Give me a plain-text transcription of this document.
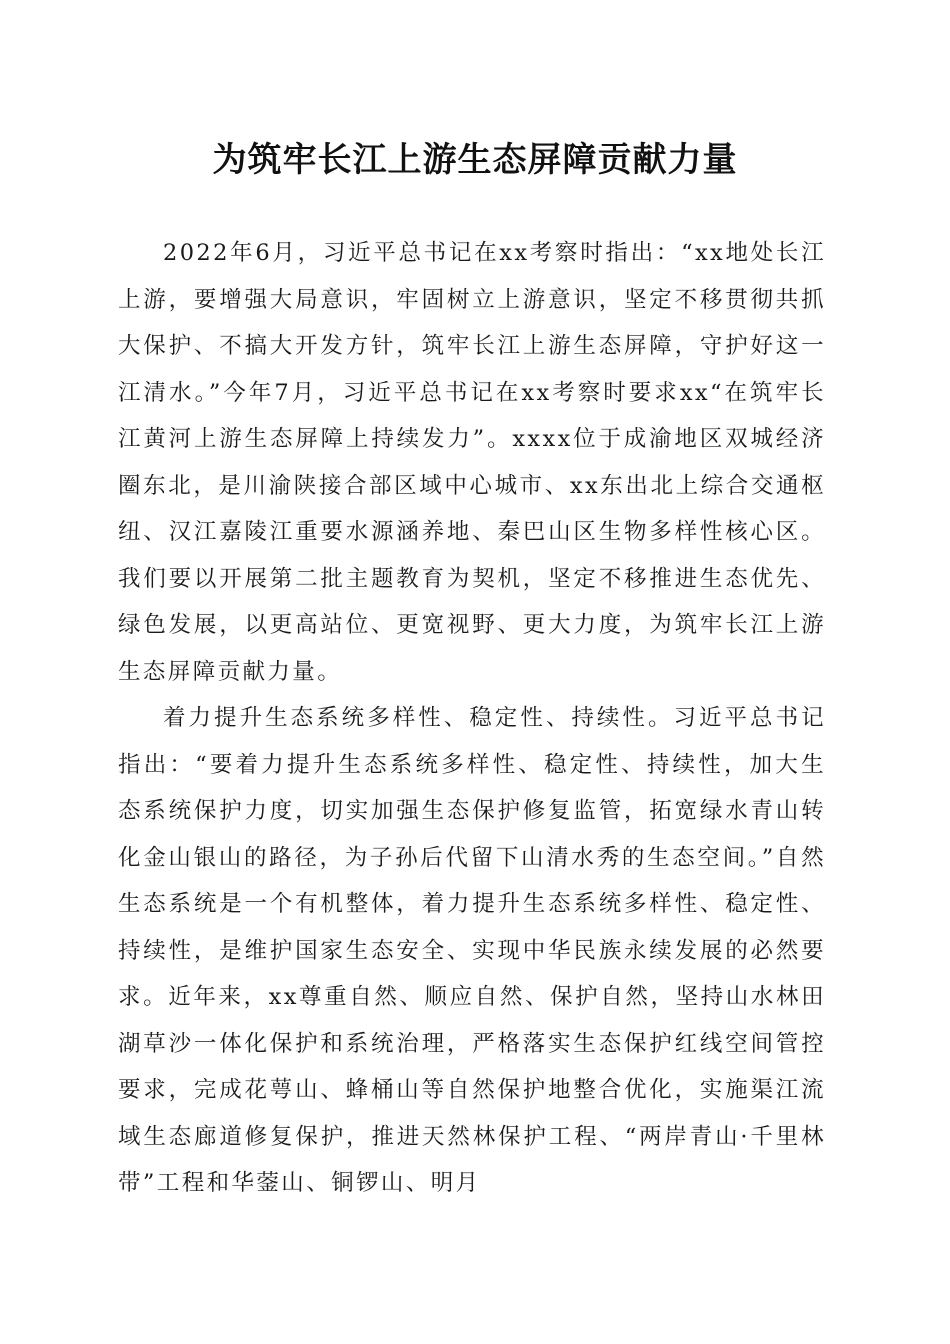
为筑牢长江上游生态屏障贡献力量

2022年6月，习近平总书记在xx考察时指出：“xx地处长江上游，要增强大局意识，牢固树立上游意识，坚定不移贯彻共抓大保护、不搞大开发方针，筑牢长江上游生态屏障，守护好这一江清水。”今年7月，习近平总书记在xx考察时要求xx“在筑牢长江黄河上游生态屏障上持续发力”。xxxx位于成渝地区双城经济圈东北，是川渝陕接合部区域中心城市、xx东出北上综合交通枢纽、汉江嘉陵江重要水源涵养地、秦巴山区生物多样性核心区。我们要以开展第二批主题教育为契机，坚定不移推进生态优先、绿色发展，以更高站位、更宽视野、更大力度，为筑牢长江上游生态屏障贡献力量。

着力提升生态系统多样性、稳定性、持续性。习近平总书记指出：“要着力提升生态系统多样性、稳定性、持续性，加大生态系统保护力度，切实加强生态保护修复监管，拓宽绿水青山转化金山银山的路径，为子孙后代留下山清水秀的生态空间。”自然生态系统是一个有机整体，着力提升生态系统多样性、稳定性、持续性，是维护国家生态安全、实现中华民族永续发展的必然要求。近年来，xx尊重自然、顺应自然、保护自然，坚持山水林田湖草沙一体化保护和系统治理，严格落实生态保护红线空间管控要求，完成花萼山、蜂桶山等自然保护地整合优化，实施渠江流域生态廊道修复保护，推进天然林保护工程、“两岸青山·千里林带”工程和华蓥山、铜锣山、明月
